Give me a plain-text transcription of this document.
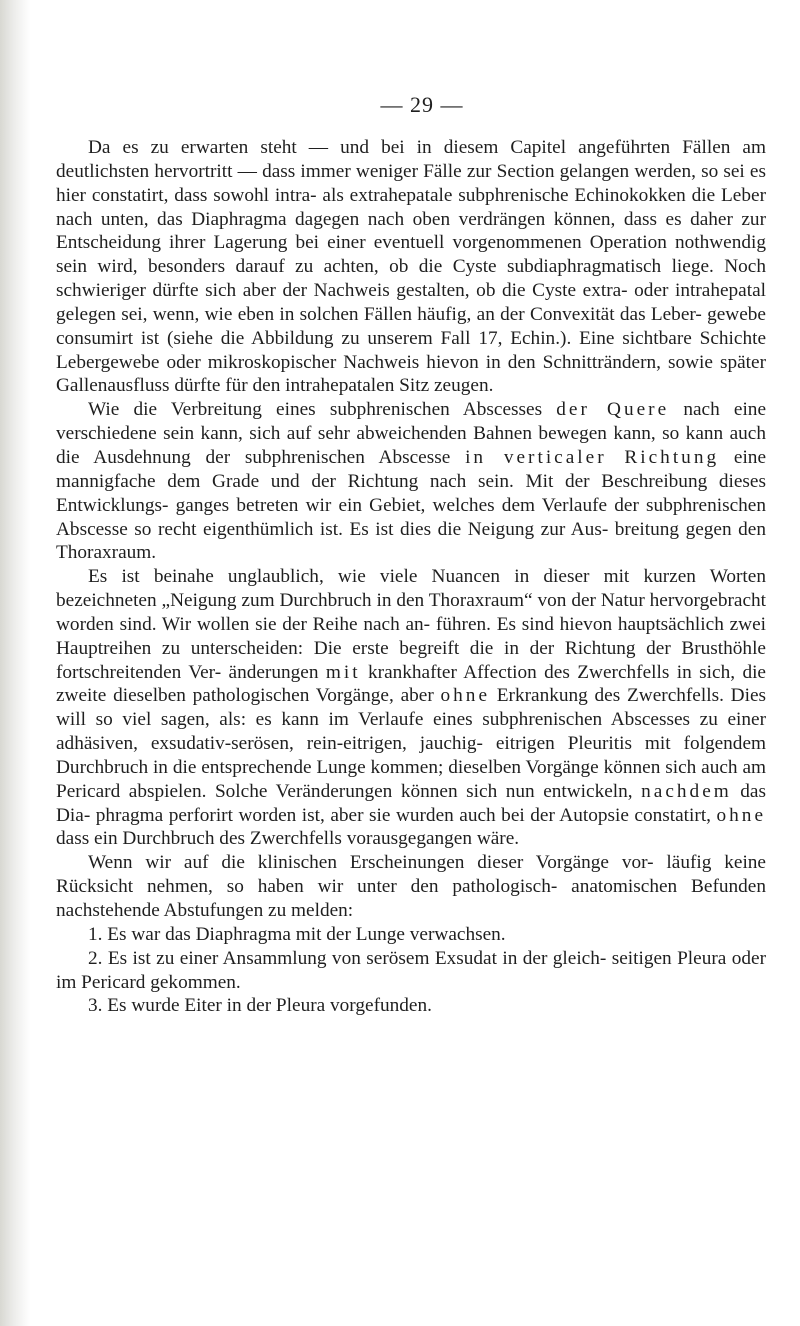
— 29 —

Da es zu erwarten steht — und bei in diesem Capitel angeführten Fällen am deutlichsten hervortritt — dass immer weniger Fälle zur Section gelangen werden, so sei es hier constatirt, dass sowohl intra- als extrahepatale subphrenische Echinokokken die Leber nach unten, das Diaphragma dagegen nach oben verdrängen können, dass es daher zur Entscheidung ihrer Lagerung bei einer eventuell vorgenommenen Operation nothwendig sein wird, besonders darauf zu achten, ob die Cyste subdiaphragmatisch liege. Noch schwieriger dürfte sich aber der Nachweis gestalten, ob die Cyste extra- oder intrahepatal gelegen sei, wenn, wie eben in solchen Fällen häufig, an der Convexität das Leber- gewebe consumirt ist (siehe die Abbildung zu unserem Fall 17, Echin.). Eine sichtbare Schichte Lebergewebe oder mikroskopischer Nachweis hievon in den Schnitträndern, sowie später Gallenausfluss dürfte für den intrahepatalen Sitz zeugen.

Wie die Verbreitung eines subphrenischen Abscesses der Quere nach eine verschiedene sein kann, sich auf sehr abweichenden Bahnen bewegen kann, so kann auch die Ausdehnung der subphrenischen Abscesse in verticaler Richtung eine mannigfache dem Grade und der Richtung nach sein. Mit der Beschreibung dieses Entwicklungs- ganges betreten wir ein Gebiet, welches dem Verlaufe der subphrenischen Abscesse so recht eigenthümlich ist. Es ist dies die Neigung zur Aus- breitung gegen den Thoraxraum.

Es ist beinahe unglaublich, wie viele Nuancen in dieser mit kurzen Worten bezeichneten „Neigung zum Durchbruch in den Thoraxraum“ von der Natur hervorgebracht worden sind. Wir wollen sie der Reihe nach an- führen. Es sind hievon hauptsächlich zwei Hauptreihen zu unterscheiden: Die erste begreift die in der Richtung der Brusthöhle fortschreitenden Ver- änderungen mit krankhafter Affection des Zwerchfells in sich, die zweite dieselben pathologischen Vorgänge, aber ohne Erkrankung des Zwerchfells. Dies will so viel sagen, als: es kann im Verlaufe eines subphrenischen Abscesses zu einer adhäsiven, exsudativ-serösen, rein-eitrigen, jauchig- eitrigen Pleuritis mit folgendem Durchbruch in die entsprechende Lunge kommen; dieselben Vorgänge können sich auch am Pericard abspielen. Solche Veränderungen können sich nun entwickeln, nachdem das Dia- phragma perforirt worden ist, aber sie wurden auch bei der Autopsie constatirt, ohne dass ein Durchbruch des Zwerchfells vorausgegangen wäre.

Wenn wir auf die klinischen Erscheinungen dieser Vorgänge vor- läufig keine Rücksicht nehmen, so haben wir unter den pathologisch- anatomischen Befunden nachstehende Abstufungen zu melden:

1. Es war das Diaphragma mit der Lunge verwachsen.

2. Es ist zu einer Ansammlung von serösem Exsudat in der gleich- seitigen Pleura oder im Pericard gekommen.

3. Es wurde Eiter in der Pleura vorgefunden.
